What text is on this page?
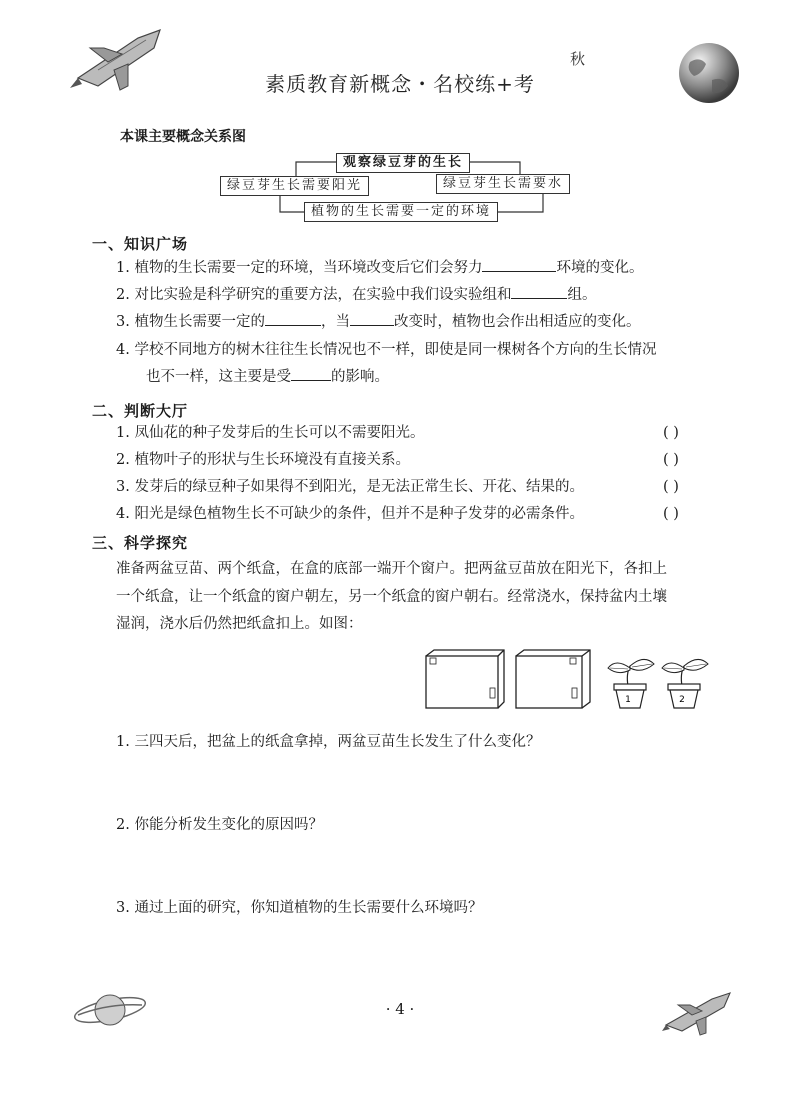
秋
素质教育新概念・名校练+考
本课主要概念关系图
观察绿豆芽的生长
绿豆芽生长需要阳光	绿豆芽生长需要水
植物的生长需要一定的环境
一、知识广场
1. 植物的生长需要一定的环境，当环境改变后它们会努力	环境的变化。
2. 对比实验是科学研究的重要方法，在实验中我们设实验组和	组。
3. 植物生长需要一定的	，当	改变时，植物也会作出相适应的变化。
4. 学校不同地方的树木往往生长情况也不一样，即使是同一棵树各个方向的生长情况
也不一样，这主要是受	的影响。
二、判断大厅
1. 凤仙花的种子发芽后的生长可以不需要阳光。	( )
2. 植物叶子的形状与生长环境没有直接关系。	( )
3. 发芽后的绿豆种子如果得不到阳光，是无法正常生长、开花、结果的。	( )
4. 阳光是绿色植物生长不可缺少的条件，但并不是种子发芽的必需条件。	( )
三、科学探究
准备两盆豆苗、两个纸盒，在盒的底部一端开个窗户。把两盆豆苗放在阳光下，各扣上
一个纸盒，让一个纸盒的窗户朝左，另一个纸盒的窗户朝右。经常浇水，保持盆内土壤
湿润，浇水后仍然把纸盒扣上。如图：
1	2
1. 三四天后，把盆上的纸盒拿掉，两盆豆苗生长发生了什么变化？
2. 你能分析发生变化的原因吗？
3. 通过上面的研究，你知道植物的生长需要什么环境吗？
· 4 ·
